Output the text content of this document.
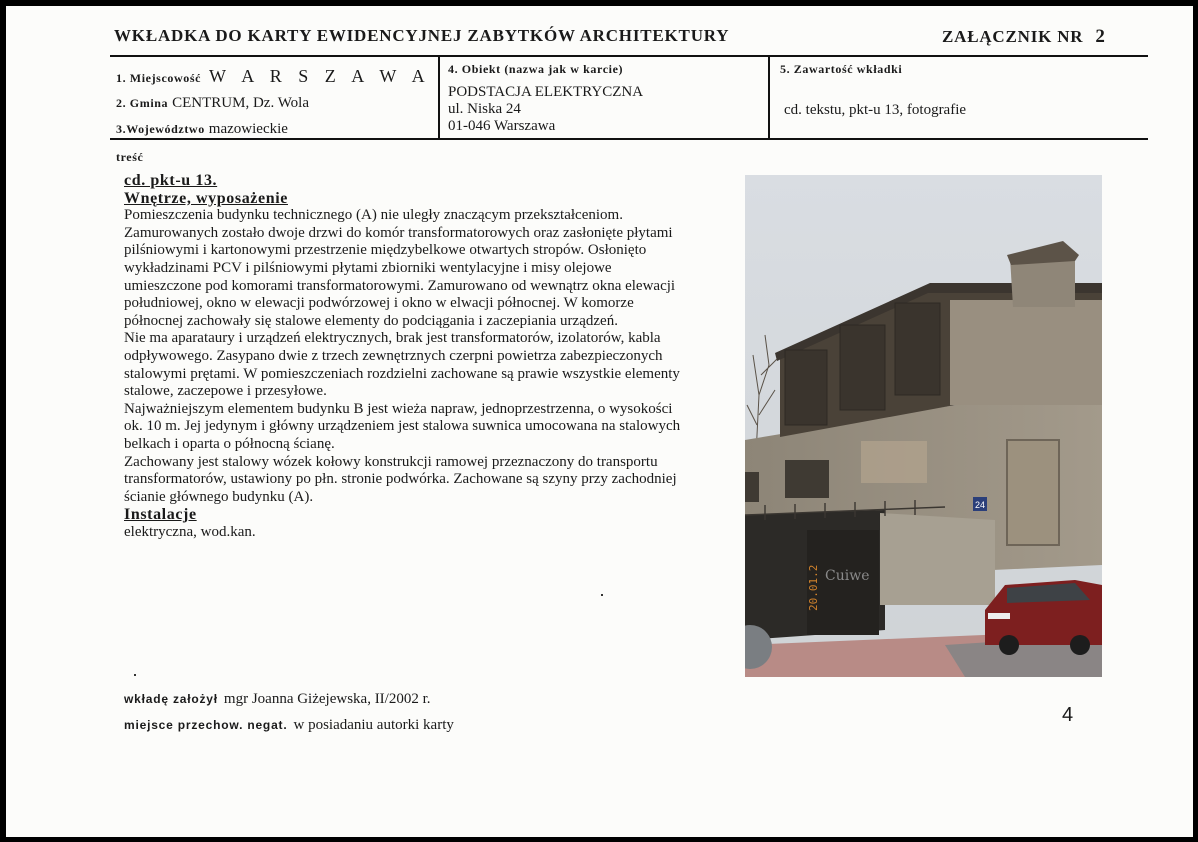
WKŁADKA DO KARTY EWIDENCYJNEJ ZABYTKÓW ARCHITEKTURY	ZAŁĄCZNIK NR 2
1. Miejscowość W A R S Z A W A
2. Gmina CENTRUM, Dz. Wola
3.Województwo mazowieckie
4. Obiekt (nazwa jak w karcie)
PODSTACJA ELEKTRYCZNA
ul. Niska 24
01-046 Warszawa
5. Zawartość wkładki
cd. tekstu, pkt-u 13, fotografie
treść
cd. pkt-u 13.
Wnętrze, wyposażenie

Pomieszczenia budynku technicznego (A) nie uległy znaczącym przekształceniom. Zamurowanych zostało dwoje drzwi do komór transformatorowych oraz zasłonięte płytami pilśniowymi i kartonowymi przestrzenie międzybelkowe otwartych stropów. Osłonięto wykładzinami PCV i pilśniowymi płytami zbiorniki wentylacyjne i misy olejowe umieszczone pod komorami transformatorowymi. Zamurowano od wewnątrz okna elewacji południowej, okno w elewacji podwórzowej i okno w elwacji północnej. W komorze północnej zachowały się stalowe elementy do podciągania i zaczepiania urządzeń.

Nie ma aparataury i urządzeń elektrycznych, brak jest transformatorów, izolatorów, kabla odpływowego. Zasypano dwie z trzech zewnętrznych czerpni powietrza zabezpieczonych stalowymi prętami. W pomieszczeniach rozdzielni zachowane są prawie wszystkie elementy stalowe, zaczepowe i przesyłowe.

Najważniejszym elementem budynku B jest wieża napraw, jednoprzestrzenna, o wysokości ok. 10 m. Jej jedynym i główny urządzeniem jest stalowa suwnica umocowana na stalowych belkach i oparta o północną ścianę.

Zachowany jest stalowy wózek kołowy konstrukcji ramowej przeznaczony do transportu transformatorów, ustawiony po płn. stronie podwórka. Zachowane są szyny przy zachodniej ścianie głównego budynku (A).

Instalacje

elektryczna, wod.kan.

24
Cuiwe
20.01.2
wkładę założył mgr Joanna Giżejewska, II/2002 r.
miejsce przechow. negat. w posiadaniu autorki karty	4
